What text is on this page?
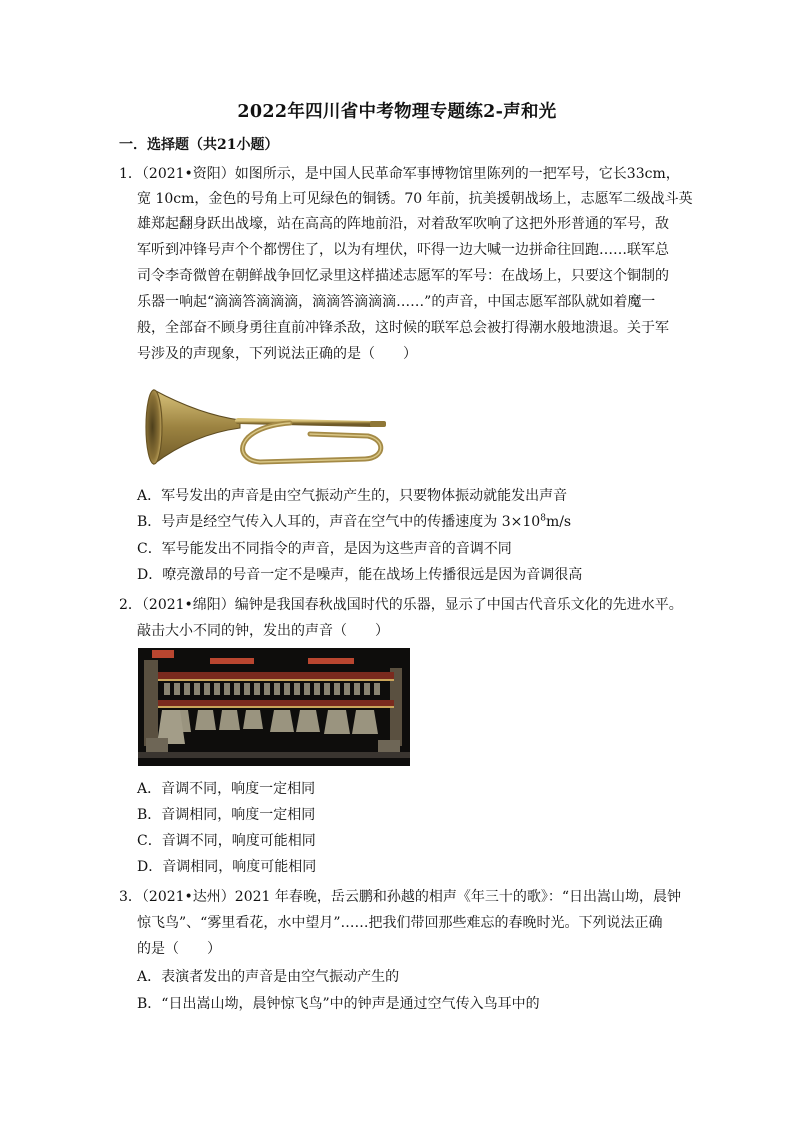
2022年四川省中考物理专题练2-声和光
一．选择题（共21小题）
1．（2021•资阳）如图所示，是中国人民革命军事博物馆里陈列的一把军号，它长33cm，
宽 10cm，金色的号角上可见绿色的铜锈。70 年前，抗美援朝战场上，志愿军二级战斗英
雄郑起翻身跃出战壕，站在高高的阵地前沿，对着敌军吹响了这把外形普通的军号，敌
军听到冲锋号声个个都愣住了，以为有埋伏，吓得一边大喊一边拼命往回跑……联军总
司令李奇微曾在朝鲜战争回忆录里这样描述志愿军的军号：在战场上，只要这个铜制的
乐器一响起“滴滴答滴滴滴，滴滴答滴滴滴……”的声音，中国志愿军部队就如着魔一
般，全部奋不顾身勇往直前冲锋杀敌，这时候的联军总会被打得潮水般地溃退。关于军
号涉及的声现象，下列说法正确的是（　　）
A．军号发出的声音是由空气振动产生的，只要物体振动就能发出声音
B．号声是经空气传入人耳的，声音在空气中的传播速度为 $3\times 10^8m/s$
C．军号能发出不同指令的声音，是因为这些声音的音调不同
D．嘹亮激昂的号音一定不是噪声，能在战场上传播很远是因为音调很高
2．（2021•绵阳）编钟是我国春秋战国时代的乐器，显示了中国古代音乐文化的先进水平。
敲击大小不同的钟，发出的声音（　　）
A．音调不同，响度一定相同
B．音调相同，响度一定相同
C．音调不同，响度可能相同
D．音调相同，响度可能相同
3．（2021•达州）2021 年春晚，岳云鹏和孙越的相声《年三十的歌》：“日出嵩山坳，晨钟
惊飞鸟”、“雾里看花，水中望月”……把我们带回那些难忘的春晚时光。下列说法正确
的是（　　）
A．表演者发出的声音是由空气振动产生的
B．“日出嵩山坳，晨钟惊飞鸟”中的钟声是通过空气传入鸟耳中的
